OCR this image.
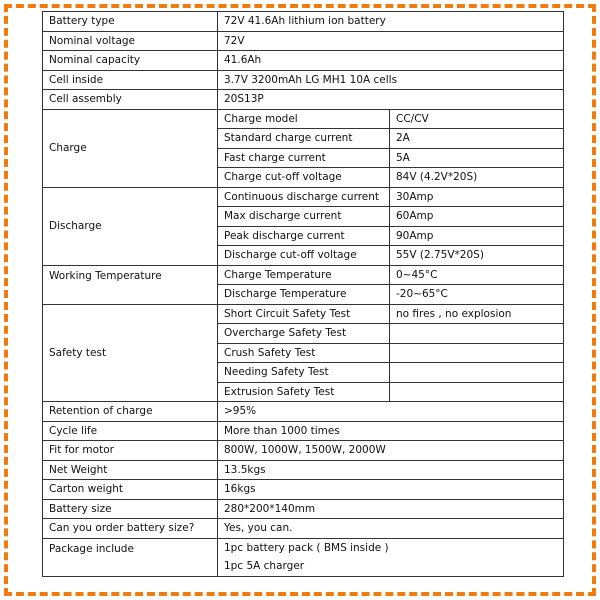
Battery type	72V 41.6Ah lithium ion battery	
Nominal voltage	72V	
Nominal capacity	41.6Ah	
Cell inside	3.7V 3200mAh LG MH1 10A cells	
Cell assembly	20S13P	
Charge	Charge model	CC/CV
	Standard charge current	2A
	Fast charge current	5A
	Charge cut-off voltage	84V (4.2V*20S)
Discharge	Continuous discharge current	30Amp
	Max discharge current	60Amp
	Peak discharge current	90Amp
	Discharge cut-off voltage	55V (2.75V*20S)
Working Temperature	Charge Temperature	0~45°C
	Discharge Temperature	-20~65°C
Safety test	Short Circuit Safety Test	no fires , no explosion
	Overcharge Safety Test	
	Crush Safety Test	
	Needing Safety Test	
	Extrusion Safety Test	
Retention of charge	>95%	
Cycle life	More than 1000 times	
Fit for motor	800W, 1000W, 1500W, 2000W	
Net Weight	13.5kgs	
Carton weight	16kgs	
Battery size	280*200*140mm	
Can you order battery size?	Yes, you can.	
Package include	1pc battery pack ( BMS inside )	
	1pc 5A charger	
